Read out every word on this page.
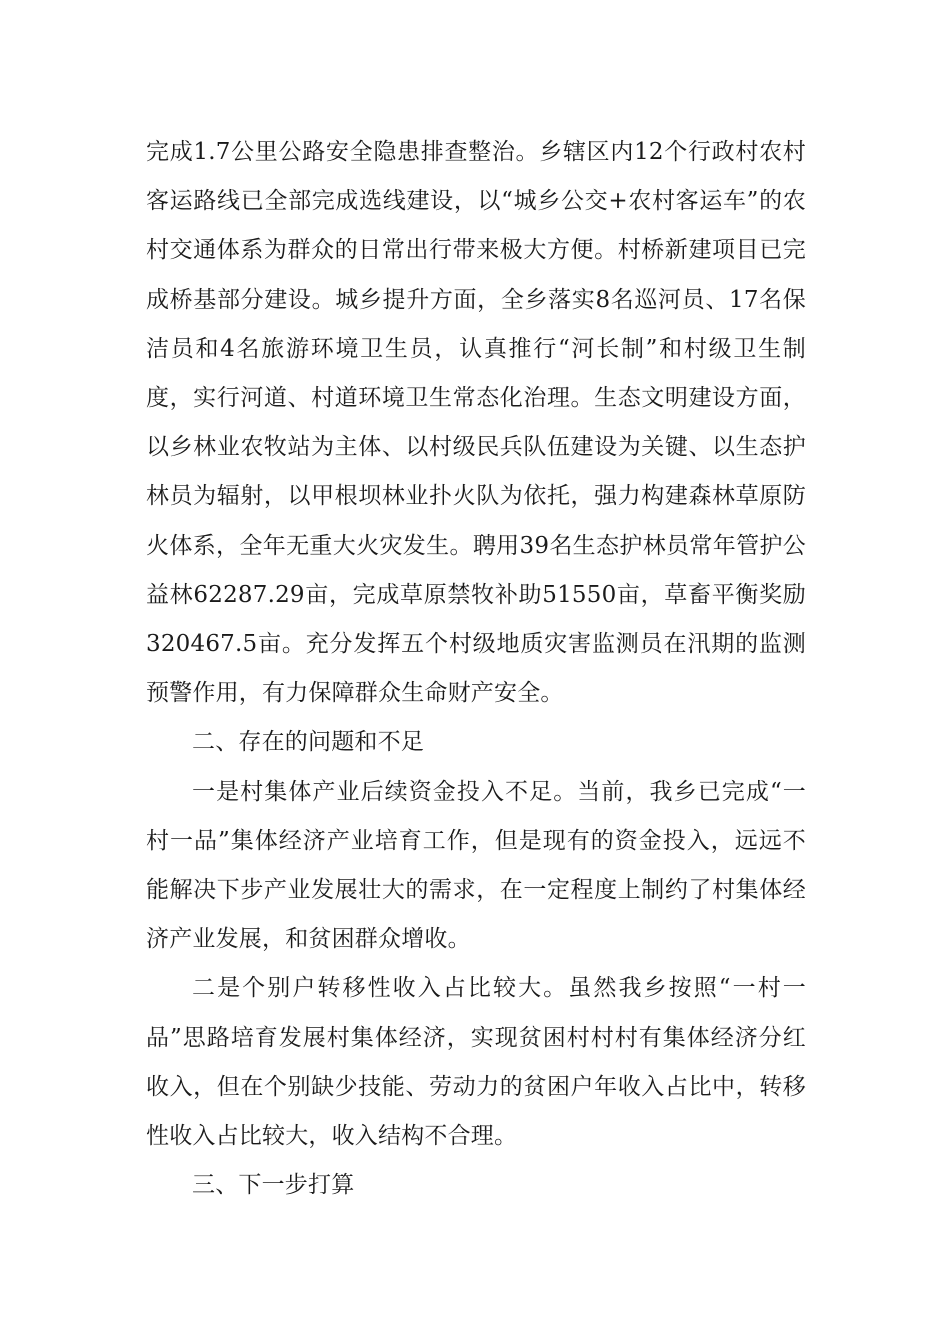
完成1.7公里公路安全隐患排查整治。乡辖区内12个行政村农村客运路线已全部完成选线建设，以“城乡公交+农村客运车”的农村交通体系为群众的日常出行带来极大方便。村桥新建项目已完成桥基部分建设。城乡提升方面，全乡落实8名巡河员、17名保洁员和4名旅游环境卫生员，认真推行“河长制”和村级卫生制度，实行河道、村道环境卫生常态化治理。生态文明建设方面，以乡林业农牧站为主体、以村级民兵队伍建设为关键、以生态护林员为辐射，以甲根坝林业扑火队为依托，强力构建森林草原防火体系，全年无重大火灾发生。聘用39名生态护林员常年管护公益林62287.29亩，完成草原禁牧补助51550亩，草畜平衡奖励320467.5亩。充分发挥五个村级地质灾害监测员在汛期的监测预警作用，有力保障群众生命财产安全。

二、存在的问题和不足

一是村集体产业后续资金投入不足。当前，我乡已完成“一村一品”集体经济产业培育工作，但是现有的资金投入，远远不能解决下步产业发展壮大的需求，在一定程度上制约了村集体经济产业发展，和贫困群众增收。

二是个别户转移性收入占比较大。虽然我乡按照“一村一品”思路培育发展村集体经济，实现贫困村村村有集体经济分红收入，但在个别缺少技能、劳动力的贫困户年收入占比中，转移性收入占比较大，收入结构不合理。

三、下一步打算
